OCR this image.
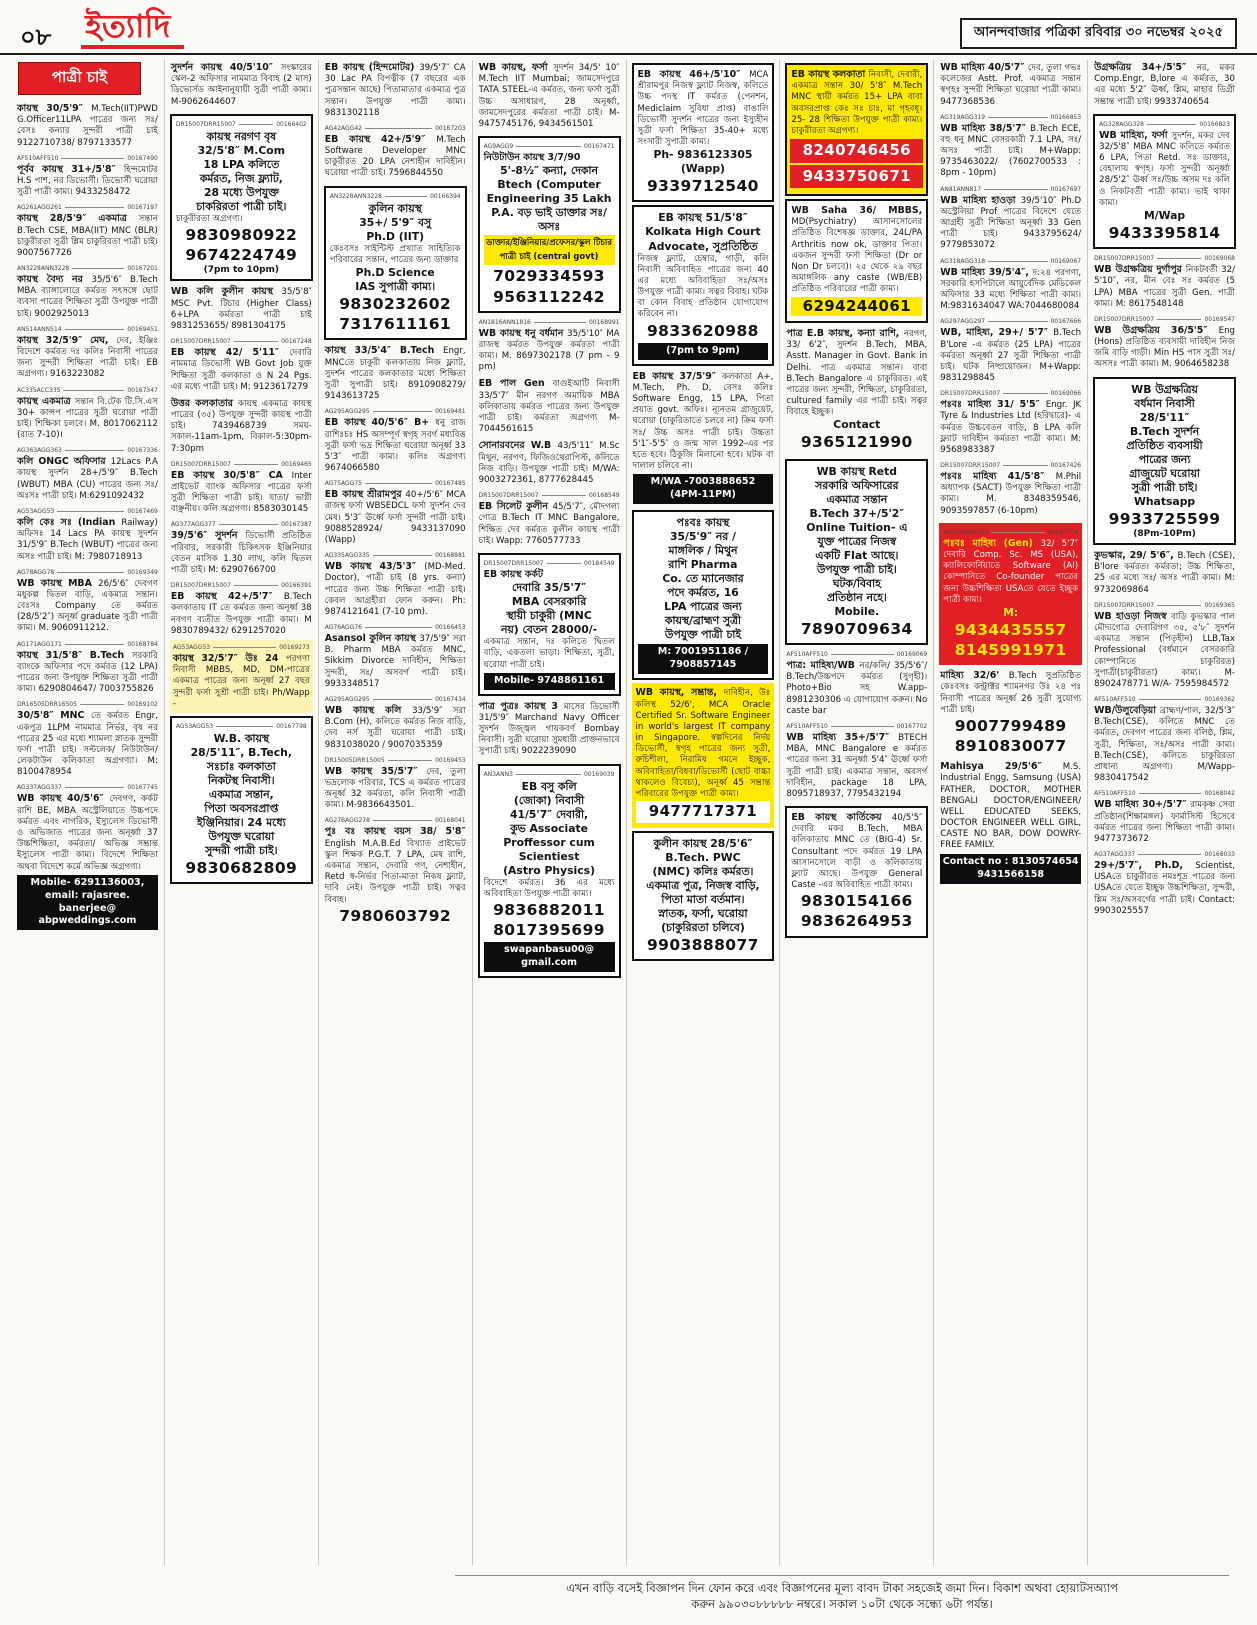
০৮ ইত্যাদি	আনন্দবাজার পত্রিকা রবিবার ৩০ নভেম্বর ২০২৫
পাত্রী চাই
কায়স্থ 30/5'9″ M.Tech(IIT)PWD G.Officer11LPA পাত্রের জন্য সঃ/বেসঃ কন্যার সুন্দরী পাত্রী চাই 9122710738/ 8797133577
AF510AFF510	00167490
পূর্বব কায়স্থ 31+/5'8″ হিন্দমোটর H.S পাশ, নর ডিভোর্সী। ডিভোর্সী ঘরোয়া সুত্রী পাত্রী কাম্য। 9433258472
AG261AGG261	00167197
কায়স্থ 28/5'9″ একমাত্র সন্তান B.Tech CSE, MBA(IIT) MNC (BLR) চাকুরীরতা সুত্রী শ্লিম চাকুরিরতা পাত্রী চাই। 9007567726
AN3228ANN3228	00167201
কায়স্থ বৈদ্য নর 35/5'6″ B.Tech MBA ব্যাঙ্গালোরে কর্মরত সৎসঙ্গে ছোট ব্যবসা পাত্রের শিক্ষিতা সুত্রী উপযুক্ত পাত্রী চাই। 9002925013
AN514ANN514	00169451
কায়স্থ 32/5'9″ মেঘ, দেব, ইঞ্জিঃ বিদেশে কর্মরত দঃ কলিঃ নিবাসী পাত্রের জন্য সুন্দরী শিক্ষিতা পাত্রী চাই। EB অগ্রগণ্য। 9163223082
AC335ACC335	00167347
কায়স্থ একমাত্র সন্তান বি.টেক টি.সি.এস 30+ কান্সপ পাত্রের সুত্রী ঘরোয়া পাত্রী চাই। শিক্ষিকা চলবে। M. 8017062112 (রাত 7-10)।
AG363AGG363	00167336
কলি ONGC অফিসার 12Lacs P.A কায়স্থ সুদর্শন 28+/5'9″ B.Tech (WBUT) MBA (CU) পাত্রের জন্য সঃ/অঃসঃ পাত্রী চাই। M:6291092432
AG53AGG53	00167469
কলি কেঃ সঃ (Indian Railway) অফিসঃ 14 Lacs PA কায়স্থ সুদর্শন 31/5'9″ B.Tech (WBUT) পাত্রের জন্য অসঃ পাত্রী চাই। M: 7980718913
AG78AGG78	00169349
WB কায়স্থ MBA 26/5'6″ দেবগণ মধুকল্প দ্বিতল বাড়ি, একমাত্র সন্তান। বেঃসঃ Company তে কর্মরত (28/5'2″) অনূর্ধ্ব graduate সুত্রী পাত্রী কাম্য। M. 9060911212.
AG171AGG171	00168784
কায়স্থ 31/5'8″ B.Tech সরকারি ব্যাংকে অফিসার পদে কর্মরত (12 LPA) পাত্রের জন্য উপযুক্ত শিক্ষিতা সুত্রী পাত্রী কাম্য। 6290804647/ 7003755826
DR16505DRR16505	00169102
30/5'8″ MNC তে কর্মরত Engr, একপুত্র 1LPM নামমাত্র নির্ভর, বৃষ নর পাত্রের 25 এর মধ্যে শ্যামলা স্নাতক সুন্দরী ফর্সা পাত্রী চাই। সল্টলেক/ নিউটাউন/ লেকটাউন কলিকাতা অগ্রগণ্যা। M: 8100478954
AG337AGG337	00167745
WB কায়স্থ 40/5'6″ দেবগণ, কর্কট রাশি BE, MBA অস্ট্রেলিয়াতে উচ্চপদে কর্মরত এবং নাগরিক, ইস্যুলেস ডিভোর্সী ও অভিজাত পাত্রের জন্য অনূর্ধ্বা 37 উচ্চশিক্ষিতা, কর্মরতা/ অভিজ্ঞ সম্ভ্রান্ত ইস্যুলেস পাত্রী কাম্য। বিদেশে শিক্ষিতা অথবা বিদেশে কর্মে অভিজ্ঞ অগ্রগণ্য।
Mobile- 6291136003, email: rajasree. banerjee@ abpweddings.com
সুদর্শন কায়স্থ 40/5'10″ সংস্কারের স্কেল-2 অফিসার নামমাত্র বিবাহ (2 মাস) ডিভোর্সড আইনানুযায়ী সুত্রী পাত্রী কাম্য। M-9062644607
DR15007DRR15007	00166402
কায়স্থ নরগণ বৃষ
32/5'8″ M.Com
18 LPA কলিতে
কর্মরত, নিজ ফ্ল্যাট,
28 মধ্যে উপযুক্ত
চাকরিরতা পাত্রী চাই।
চাকুরীরতা অগ্রগণ্য।
9830980922
9674224749
(7pm to 10pm)
WB কলি কুলীন কায়স্থ 35/5'8″ MSC Pvt. টিচার (Higher Class) 6+LPA কর্মরতা পাত্রী চাই 9831253655/ 8981304175
DR15007DRR15007	00167248
EB কায়স্থ 42/ 5'11″ দেবারি নামমাত্র ডিভোর্সী WB Govt Job যুক্ত শিক্ষিতা সুত্রী কলকাতা ও N 24 Pgs. এর মধ্যে পাত্রী চাই। M: 9123617279
উত্তর কলকাতার কায়স্থ একমাত্র কায়স্থ পাত্রের (৩৫) উপযুক্ত সুন্দরী কায়স্থ পাত্রী চাই। 7439468739 সময়- সকাল-11am-1pm, বিকাল-5:30pm-7:30pm
DR15007DRR15007	00169465
EB কায়স্থ 30/5'8″ CA Inter প্রাইভেট ব্যাংক অফিসার পাত্রের ফর্সা সুত্রী শিক্ষিতা পাত্রী চাই। যাতা/ ভাগ্নী বাঞ্ছনীয়। কলি অগ্রগণ্য। 8583030145
AG377AGG377	00167387
39/5'6″ সুদর্শন ডিভোর্সী প্রতিষ্ঠিত পরিবার, সরকারী চিকিৎসক ইঞ্জিনিয়ার বেতন মাসিক 1.30 লাখ, কলি দ্বিতল পাত্রী চাই। M: 6290766700
DR15007DRR15007	00166391
EB কায়স্থ 42+/5'7″ B.Tech কলকাতায় IT তে কর্মরত জন্য অনূর্ধ্ব 38 নবগণ ব্যতীত উপযুক্ত পাত্রী কাম্য। M 9830789432/ 6291257020
AG53AGG53	00169273
কায়স্থ 32/5'7″ উঃ 24 পরগণা নিবাসী MBBS, MD, DM-পাত্রের একমাত্র পাত্রের জন্য অনূর্ধ্ব 27 বছর সুন্দরী ফর্সা সুশ্রী পাত্রী চাই। Ph/Wapp -
AG53AGG53	00167798
W.B. কায়স্থ
28/5'11″, B.Tech,
সঃচাঃ কলকাতা
নিকটস্থ নিবাসী।
একমাত্র সন্তান,
পিতা অবসরপ্রাপ্ত
ইঞ্জিনিয়ার। 24 মধ্যে
উপযুক্ত ঘরোয়া
সুন্দরী পাত্রী চাই।
9830682809
EB কায়স্থ (হিন্দমোটর) 39/5'7″ CA 30 Lac PA বিপত্নীক (7 বছরের এক পুত্রসন্তান আছে) পিতামাতার একমাত্র পুত্র সন্তান। উপযুক্ত পাত্রী কাম্য। 9831302118
AG42AGG42	00167203
EB কায়স্থ 42+/5'9″ M.Tech Software Developer MNC চাকুরীরত 20 LPA নেশাহীন দাবিহীন। ঘরোয়া পাত্রী চাই। 7596844550
AN3228ANN3228	00166394
কুলিন কায়স্থ
35+/ 5'9″ বসু
Ph.D (IIT)
কেঃবসঃ সাইন্টিস্ট প্রখ্যাত সাহিত্যিক পরিবারের সন্তান, পাত্রের জন্য ডাক্তার
Ph.D Science
IAS সুপাত্রী কাম্য।
9830232602
7317611161
কায়স্থ 33/5'4″ B.Tech Engr, MNCতে চাকুরী কলকাতায় নিজ ফ্ল্যাট, সুদর্শন পাত্রের কলকাতার মধ্যে শিক্ষিতা সুত্রী সুপাত্রী চাই। 8910908279/ 9143613725
AG295AGG295	00169481
EB কায়স্থ 40/5'6″ B+ ধনু রাজ রাশিঃচঃ HS অসম্পূর্ণ স্বগৃহ সবর্গ মধ্যবিত্ত সুত্রী ফর্সা ভদ্র শিক্ষিতা ঘরোয়া অনূর্ধ্ব 33 5'3″ পাত্রী কাম্য। কলিঃ অগ্রগণ্য 9674066580
AG75AGG75	00167485
EB কায়স্থ শ্রীরামপুর 40+/5'6″ MCA রাজস্থ ফর্সা WBSEDCL ফর্সা সুদর্শন দেব মেষ। 5'3″ ঊর্ধ্বে ফর্সা সুন্দরী পাত্রী চাই। 9088528924/ 9433137090 (Wapp)
AG335AGG335	00168981
WB কায়স্থ 43/5'3″ (MD-Med. Doctor), পাত্রী চাই (8 yrs. কন্যা) পাত্রের জন্য উচ্চ শিক্ষিতা পাত্রী চাই। কেবল আগ্রহীরা ফোন করুন। Ph: 9874121641 (7-10 pm).
AG76AGG76	00166453
Asansol কুলিন কায়স্থ 37/5'9″ সরা B. Pharm MBA কর্মরত MNC, Sikkim Divorce দাবিহীন, শিক্ষিতা সুন্দরী, সঃ/ অসবর্গ পাত্রী চাই। 9933348517
AG295AGG295	00167434
WB কায়স্থ কলি 33/5'9″ সরা B.Com (H), কলিতে কর্মরত নিজ বাড়ি, দেব নর্স সুত্রী ঘরোয়া পাত্রী চাই। 9831038020 / 9007035359
DR15005DRR15005	00169453
WB কায়স্থ 35/5'7″ দেব, তুলা ভদ্রলোক পরিবার, TCS এ কর্মরত পাত্রের অনূর্ধ্ব 32 কর্মরতা, কলি নিবাসী পাত্রী কাম্য। M-9836643501.
AG27BAGG278	00168041
পুঃ বঃ কায়স্থ বয়স 38/ 5'8″ English M.A.B.Ed বিখ্যাত প্রাইভেট স্কুল শিক্ষক P.G.T. 7 LPA, মেষ রাশি, একমাত্র সন্তান, দেবারি গণ, নেশাহীন, Retd স্ব-নির্ভর পিতা-মাতা নিকষ ফ্ল্যাট, দাবি নেই। উপযুক্ত পাত্রী চাই। সত্বর বিবাহ।
7980603792
WB কায়স্থ, ফর্সা সুদর্শন 34/5' 10″ M.Tech IIT Mumbai; জামসেদপুরে TATA STEEL-এ কর্মরত, জন্য ফর্সা সুত্রী উচ্চ অসাধারণ, 28 অনূর্ধ্বা, জামসেদপুরের কর্মরতা পাত্রী চাই। M- 9475745176, 9434561501
AG9AGG9	00167471
নিউটাউন কায়স্থ 3/7/90
5'-8½″ কন্যা, দেকান
Btech (Computer
Engineering 35 Lakh
P.A. বড় ভাই ডাক্তার সঃ/ অসঃ
ডাক্তার/ইঞ্জিনিয়ার/প্রফেসর/স্কুল টিচার পাত্রী চাই (central govt)
7029334593
9563112242
AN1816ANN1816	00168991
WB কায়স্থ ধনু বর্ধমান 35/5'10″ MA রাজস্থ কর্মরত উপযুক্ত কর্মরতা পাত্রী কাম্য। M. 8697302178 (7 pm - 9 pm)
EB পাল Gen বাগুইআটি নিবাসী 33/5'7″ মীন নরগণ অমায়িক MBA কলিকাতায় কর্মরত পাত্রের জন্য উপযুক্ত পাত্রী চাই। কর্মরতা অগ্রগণ্য M-7044561615
সোনারবনের W.B 43/5'11″ M.Sc মিথুন, নরগণ, ফিজিওথেরাপিস্ট, কলিতে নিজ বাড়ি। উপযুক্ত পাত্রী চাই। M/WA: 9003272361, 8777628445
DR15007DRR15007	00168549
EB সিলেট কুলীন 45/5'7″, মৌদগল্য গোত্র B.Tech IT MNC Bangalore, শিক্ষিত দেব কর্মরত কুলীন কায়স্থ পাত্রী চাই। Wapp: 7760577733
DR15007DRR15007	00184549
EB কায়স্থ কর্কট
দেবারি 35/5'7″
MBA বেসরকারি
স্থায়ী চাকুরী (MNC
নয়) বেতন 28000/-
একমাত্র সন্তান, দঃ কলিতে দ্বিতল বাড়ি, একতলা ভাড়া। শিক্ষিতা, সুত্রী, ঘরোয়া পাত্রী চাই।
Mobile- 9748861161
পাত্র পুত্রঃ কায়স্থ 3 মাসের ডিভোর্সী 31/5'9″ Marchand Navy Officer সুদর্শন উজ্জ্বল গায়কবর্ণ Bombay নিবাসী। সুত্রী ঘরোয়া সুমধ্যরী প্রাক্তনভাবে সুপাত্রী চাই। 9022239090
AN3ANN3	00169039
EB বসু কলি
(জোকা) নিবাসী
41/5'7″ দেবারী,
কুভ Associate
Proffessor cum
Scientiest
(Astro Physics)
বিদেশে কর্মরত। 36 এর মধ্যে অবিবাহিতা উপযুক্ত পাত্রী কাম্য।
9836882011
8017395699
swapanbasu00@ gmail.com
EB কায়স্থ 46+/5'10″ MCA শ্রীরামপুর নিজস্ব ফ্ল্যাট নিজস্ব, কলিতে উচ্চ পদস্থ IT কর্মরত (পেনশন, Mediclaim সুবিধা প্রাপ্ত) বাঙালি ডিভোর্সী সুদর্শন পাত্রের জন্য ইস্যুহীন সুত্রী ফর্সা শিক্ষিতা 35-40+ মধ্যে সংসারী সুপাত্রী কাম্য।
Ph- 9836123305
(Wapp)
9339712540
EB কায়স্থ 51/5'8″
Kolkata High Court
Advocate, সুপ্রতিষ্ঠিত
নিজস্ব ফ্ল্যাট, চেম্বার, গাড়ী, কলি নিবাসী অবিবাহিত পাত্রের জন্য 40 এর মধ্যে অবিবাহিতা সঃ/অসঃ উপযুক্ত পাত্রী কাম্য। সত্বর বিবাহ। ঘটক বা কোন বিবাহ প্রতিষ্ঠান যোগাযোগ করিবেন না।
9833620988
(7pm to 9pm)
EB কায়স্থ 37/5'9″ কলকাতা A+, M.Tech, Ph. D, বেসঃ কলিঃ Software Engg, 15 LPA, পিতা প্রয়াত govt. অফিঃ। ন্যূনতম গ্রাজুয়েট, ঘরোয়া (চাকুরিতাতে চলবে না) ক্রিম ফর্সা সঃ/ উচ্চ অসঃ পাত্রী চাই। উচ্চতা 5'1″-5'5″ ও জন্ম সাল 1992-এর পর হতে হবে। ঠিকুজি মিলানো হবে। ঘটক বা দালাল চলিবে না।
M/WA -7003888652 (4PM-11PM)
পঃবঃ কায়স্থ
35/5'9″ নর /
মাঙ্গলিক / মিথুন
রাশি Pharma
Co. তে ম্যানেজার
পদে কর্মরত, 16
LPA পাত্রের জন্য
কায়স্থ/ব্রাহ্মণ সুত্রী
উপযুক্ত পাত্রী চাই
M: 7001951186 / 7908857145
WB কায়স্থ, সম্ভ্রান্ত, দাবিহীন, উঃ কলিস্থ 52/6', MCA Oracle Certified Sr. Software Engineer in world's largest IT company in Singapore. স্বল্পদিনের নির্দয় ডিভোর্সী, স্বগৃহ পাত্রের জন্য সুত্রী, রুচিশীলা, নিরামিষ গমনে ইচ্ছুক, অবিবাহিতা/বিধবা/ডিভোর্সী (ছোট বাচ্চা থাকলেও বিবেচ্য), অনূর্ধ্ব 45 সম্ভ্রান্ত পরিবারের উপযুক্ত পাত্রী কাম্য।
9477717371
কুলীন কায়স্থ 28/5'6″
B.Tech. PWC
(NMC) কলিঃ কর্মরত।
একমাত্র পুত্র, নিজস্ব বাড়ি,
পিতা মাতা বর্তমান।
স্নাতক, ফর্সা, ঘরোয়া
(চাকুরিরতা চলিবে)
9903888077
EB কায়স্থ কলকাতা নিবাসী, দেবারী, একমাত্র সন্তান 30/ 5'8″ M.Tech MNC স্থায়ী কর্মরত 15+ LPA বাবা অবসরপ্রাপ্ত কেঃ সঃ চাঃ, মা গৃহবধূ। 25- 28 শিক্ষিতা উপযুক্ত পাত্রী কাম্য। চাকুরীরতা অগ্রগণ্য।
8240746456
9433750671
WB Saha 36/ MBBS, MD(Psychiatry) আসানসোলের প্রতিষ্ঠিত বিশেষজ্ঞ ডাক্তার, 24L/PA Arthritis now ok, ডাক্তার পিতা। একজন সুন্দরী ফর্সা শিক্ষিতা (Dr or Non Dr চলবে)। ২৫ থেকে ২৯ বছর অমাঙ্গলিক any caste (WB/EB) প্রতিষ্ঠিত পরিবারের পাত্রী কাম্য।
6294244061
পাত্র E.B কায়স্থ, কন্যা রাশি, নরগণ, 33/ 6'2″, সুদর্শন B.Tech, MBA, Asstt. Manager in Govt. Bank in Delhi. পাত্র একমাত্র সন্তান। বাবা B.Tech Bangalore এ চাকুরিরত। এই পাত্রের জন্য সুন্দরী, শিক্ষিতা, চাকুরিরতা, cultured family এর পাত্রী চাই। সত্বর বিবাহে ইচ্ছুক।
Contact
9365121990
WB কায়স্থ Retd
সরকারি অফিসারের
একমাত্র সন্তান
B.Tech 37+/5'2″
Online Tuition- এ
যুক্ত পাত্রের নিজস্ব
একটি Flat আছে।
উপযুক্ত পাত্রী চাই।
ঘটক/বিবাহ
প্রতিষ্ঠান নহে।
Mobile.
7890709634
AF510AFF510	00169069
পাত্র: মাহিষ্য/WB নর/কলি/ 35/5'6″/ B.Tech/উচ্চপদে কর্মরত (সুগৃহী)। Photo+Bio সহ W.app-8981230306 এ যোগাযোগ করুন। No caste bar
AF510AFF510	00167702
WB মাহিষ্য 35+/5'7″ BTECH MBA, MNC Bangalore e কর্মরত পাত্রের জন্য 31 অনূর্ধ্বা 5'4″ ঊর্ধ্বে ফর্সা সুত্রী পাত্রী চাই। একমাত্র সন্তান, অবসর্গ দাবিহীন, package 18 LPA, 8095718937, 7795432194
EB কায়স্থ কার্তিকেয় 40/5'5″ দেবারি মকর B.Tech, MBA কলিকাতায় MNC তে (BIG-4) Sr. Consultant পদে কর্মরত 19 LPA আসানসোলে বাড়ী ও কলিকাতায় ফ্ল্যাট আছে। উপযুক্ত General Caste -এর অবিবাহিত পাত্রী কাম্য।
9830154166
9836264953
WB মাহিষ্য 40/5'7″ দেব, তুলা গভঃ কলেজের Astt. Prof. একমাত্র সন্তান স্বগৃহঃ সুন্দরী শিক্ষিতা ঘরোয়া পাত্রী কাম্য। 9477368536
AG319AGG319	00166853
WB মাহিষ্য 38/5'7″ B.Tech ECE, বহু ধনু MNC বেসরকারী 7.1 LPA, সঃ/অসঃ পাত্রী চাই। M+Wapp: 9735463022/ (7602700533 : 8pm - 10pm)
AN81ANN817	00167697
WB মাহিষ্য হাওড়া 39/5'10″ Ph.D অস্ট্রেলিয়া Prof পাত্রের বিদেশে যেতে আগ্রহী সুত্রী শিক্ষিতা অনূর্ধ্বা 33 Gen পাত্রী চাই। 9433795624/ 9779853072
AG318AGG318	00169067
WB মাহিষ্য 39/5'4″, দ:২৪ পরগণা, সরকারি হসপিটালে আয়ুর্বেদিক মেডিকেল অফিসার 33 মধ্যে শিক্ষিতা পাত্রী কাম্য। M:9831634047 WA:7044680084
AG297AGG297	00167666
WB, মাহিষ্য, 29+/ 5'7″ B.Tech B'Lore -এ কর্মরত (25 LPA) পাত্রের কর্মরতা অনূর্ধ্বা 27 সুত্রী শিক্ষিতা পাত্রী চাই। ঘটক নিষ্প্রয়োজন। M+Wapp: 9831298845
DR15007DRR15007	00169066
পঃবঃ মাহিষ্য 31/ 5'5″ Engr. JK Tyre & Industries Ltd (হরিদ্বারে)- এ কর্মরত উচ্চবেতন বাড়ি, 8 LPA কলি ফ্ল্যাট দাবিহীন কর্মরতা পাত্রী কাম্য। M: 9568983387
DR15007DRR15007	00167426
পঃবঃ মাহিষ্য 41/5'8″ M.Phil অধ্যাপক (SACT) উপযুক্ত শিক্ষিতা পাত্রী কাম্য। M. 8348359546, 9093597857 (6-10pm)
AG300AGG300	00167754
পঃবঃ মাহিষ্য (Gen) 32/ 5'7″ দেবারি Comp. Sc. MS (USA), ক্যালিফোর্নিয়াতে Software (AI) কোম্পানিতে Co-founder পাত্রের জন্য উচ্চশিক্ষিতা USAতে যেতে ইচ্ছুক পাত্রী কাম্য।
M:
9434435557
8145991971
মাহিষ্য 32/6' B.Tech সুপ্রতিষ্ঠিত কেঃবসঃ কন্ট্রাক্টর শ্যামনগর উঃ ২৪ পঃ নিবাসী পাত্রের অনূর্ধ্ব 26 সুত্রী সুযোগ্য পাত্রী চাই।
9007799489
8910830077
Mahisya 29/5'6″ M.S. Industrial Engg, Samsung (USA) FATHER, DOCTOR, MOTHER BENGALI DOCTOR/ENGINEER/ WELL EDUCATED SEEKS, DOCTOR ENGINEER WELL GIRL, CASTE NO BAR, DOW DOWRY-FREE FAMILY.
Contact no : 8130574654 9431566158
উগ্রক্ষত্রিয় 34+/5'5″ নর, মকর Comp.Engr, B,lore এ কর্মরত, 30 এর মধ্যে 5'2″ ঊর্ধ্ব, শ্লিম, মাহার ডিগ্রী সম্ভ্রান্ত পাত্রী চাই। 9933740654
AG328AGG328	00166823
WB মাহিষ্য, ফর্সা সুদর্শন, মকর দেব 32/5'8″ MBA MNC কলিতে কর্মরত 6 LPA, পিতা Retd. সঃ ডাক্তার, বেহালায় স্বগৃহ। ফর্সা সুন্দরী অনূর্ধ্বা 28/5'2″ ঊর্ধ্ব সঃ/উচ্চ অসম দঃ কলি ও নিকটবর্তী পাত্রী কাম্য। ভাই থাকা কাম্য।
M/Wap
9433395814
DR15007DRR15007	00169068
WB উগ্রক্ষত্রিয় দুর্গাপুর নিকটবর্তী 32/ 5'10″, নর, মীন বেঃ সঃ কর্মরত (5 LPA) MBA পাত্রের সুত্রী Gen. পাত্রী কাম্য। M: 8617548148
DR15007DRR15007	00169547
WB উগ্রক্ষত্রিয় 36/5'5″ Eng (Hons) প্রতিষ্ঠিত ব্যবসায়ী দাবিহীন নিজ জমি বাড়ি গাড়ী। Min HS পাস সুত্রী সঃ/অসসঃ পাত্রী কাম্য। M. 9064658238
WB উগ্রক্ষত্রিয়
বর্ধমান নিবাসী
28/5'11″
B.Tech সুদর্শন
প্রতিষ্ঠিত ব্যবসায়ী
পাত্রের জন্য
গ্রাজুয়েট ঘরোয়া
সুত্রী পাত্রী চাই।
Whatsapp
9933725599
(8Pm-10Pm)
কুভস্কার, 29/ 5'6″, B.Tech (CSE), B'lore কর্মরত। কর্মরতা; উচ্চ শিক্ষিতা, 25 এর মধ্যে সঃ/ অসঃ পাত্রী কাম্য। M: 9732069864
DR15007DRR15007	00169365
WB হাওড়া নিজস্ব বাড়ি কুভস্কার পাল মৌদ্যগোত্র দেবারিগণ ৩৫, ৫'৮″ সুদর্শন একমাত্র সন্তান (পিতৃহীন) LLB,Tax Professional (বর্ধমানে বেসরকারি কোম্পানিতে চাকুরিরত) সুপাত্রী(চাকুরীরতা) কাম্য। M-8902478771 W/A- 7595984572
AF510AFF510	00169362
WB/উলুবেড়িয়া ব্রাহ্মণ/পাল, 32/5'3″ B.Tech(CSE), কলিতে MNC তে কর্মরত, দেবগণ পাত্রের জন্য বলিষ্ঠ, শ্লিম, সুত্রী, শিক্ষিতা, সঃ/অসঃ পাত্রী কাম্য। B.Tech(CSE), কলিতে চাকুরিরতা প্রাধান্য অগ্রগণ্য। M/Wapp- 9830417542
AF510AFF510	00168042
WB মাহিষ্য 30+/5'7″ রামকৃষ্ণ সেবা প্রতিষ্ঠান(শিক্ষামঙ্গল) ফার্মাসিস্ট হিসেবে কর্মরত পাত্রের জন্য শিক্ষিতা পাত্রী কাম্য। 9477373672
AG37AGG337	00168033
29+/5'7″, Ph.D, Scientist, USAতে চাকুরীরত নমঃশূদ্র পাত্রের জন্য USAতে যেতে ইচ্ছুক উচ্চশিক্ষিতা, সুন্দরী, শ্লিম সঃ/অসবর্গের পাত্রী চাই। Contact: 9903025557
এখন বাড়ি বসেই বিজ্ঞাপন দিন ফোন করে এবং বিজ্ঞাপনের মূল্য বাবদ টাকা সহজেই জমা দিন। বিকাশ অথবা হোয়াটসঅ্যাপ
করুন ৯৯০৩০৮৮৮৮৮ নম্বরে। সকাল ১০টা থেকে সন্ধ্যে ৬টা পর্যন্ত।
